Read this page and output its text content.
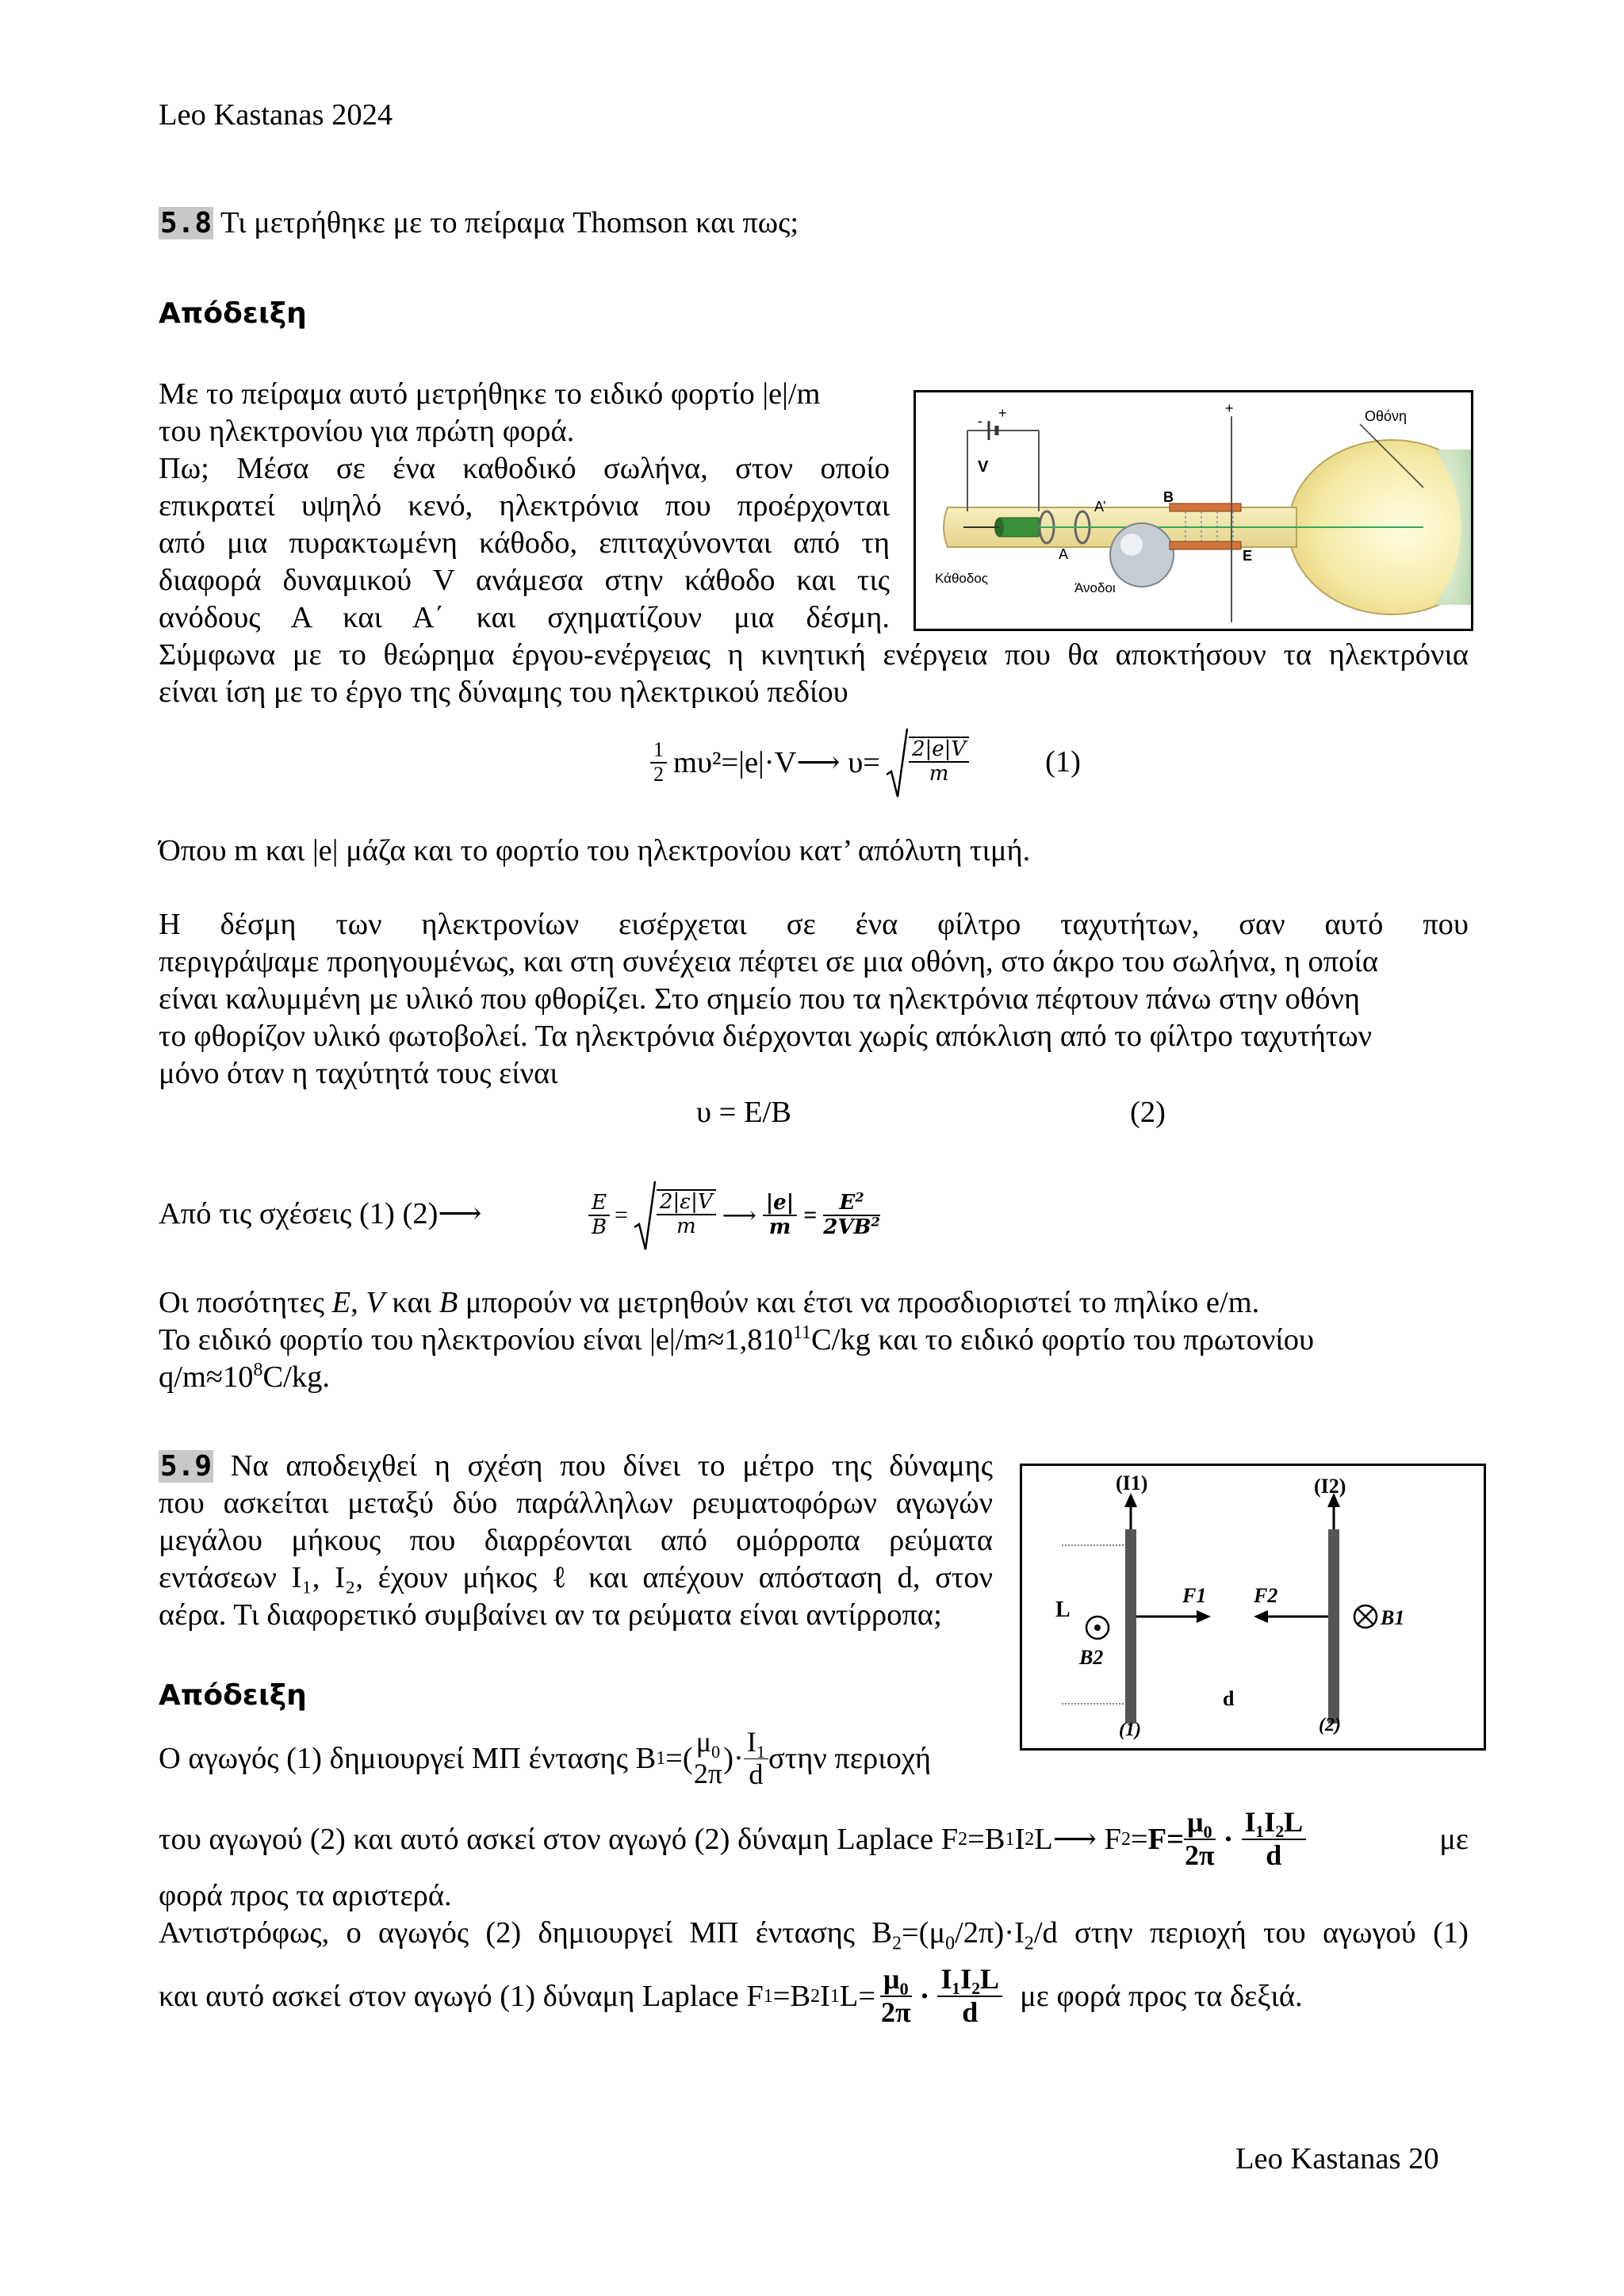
Leo Kastanas 2024
5.8 Τι μετρήθηκε με το πείραμα Thomson και πως;
Απόδειξη
Με το πείραμα αυτό μετρήθηκε το ειδικό φορτίο |e|/m
του ηλεκτρονίου για πρώτη φορά.
Πω; Μέσα σε ένα καθοδικό σωλήνα, στον οποίο
επικρατεί υψηλό κενό, ηλεκτρόνια που προέρχονται
από μια πυρακτωμένη κάθοδο, επιταχύνονται από τη
διαφορά δυναμικού V ανάμεσα στην κάθοδο και τις
ανόδους Α και Α΄ και σχηματίζουν μια δέσμη.
- +
V
A
A’
B
E
+	Οθόνη
Κάθοδος
Άνοδοι
Σύμφωνα με το θεώρημα έργου-ενέργειας η κινητική ενέργεια που θα αποκτήσουν τα ηλεκτρόνια
είναι ίση με το έργο της δύναμης του ηλεκτρικού πεδίου
$\frac{1}{2}$ mυ²=|e|·V⟶ $\upsilon= \frac{2|e|V}{m} (1)$
Όπου m και |e| μάζα και το φορτίο του ηλεκτρονίου κατ’ απόλυτη τιμή.
Η δέσμη των ηλεκτρονίων εισέρχεται σε ένα φίλτρο ταχυτήτων, σαν αυτό που
περιγράψαμε προηγουμένως, και στη συνέχεια πέφτει σε μια οθόνη, στο άκρο του σωλήνα, η οποία
είναι καλυμμένη με υλικό που φθορίζει. Στο σημείο που τα ηλεκτρόνια πέφτουν πάνω στην οθόνη
το φθορίζον υλικό φωτοβολεί. Τα ηλεκτρόνια διέρχονται χωρίς απόκλιση από το φίλτρο ταχυτήτων
μόνο όταν η ταχύτητά τους είναι
υ = E/B	(2)
Από τις σχέσεις (1) (2)⟶	$\frac{E}{B} = \frac{2|\varepsilon|V}{m}$ ⟶ $\frac{|e|}{m} = \frac{E^2}{2VB^2}$
Οι ποσότητες E, V και B μπορούν να μετρηθούν και έτσι να προσδιοριστεί το πηλίκο e/m.
Το ειδικό φορτίο του ηλεκτρονίου είναι $|e|/m\approx 1,810^{11}C/kg$ και το ειδικό φορτίο του πρωτονίου
$q/m\approx 10^8C/kg$.
5.9 Να αποδειχθεί η σχέση που δίνει το μέτρο της δύναμης
που ασκείται μεταξύ δύο παράλληλων ρευματοφόρων αγωγών
μεγάλου μήκους που διαρρέονται από ομόρροπα ρεύματα
εντάσεων I₁, I₂, έχουν μήκος ℓ και απέχουν απόσταση d, στον
αέρα. Τι διαφορετικό συμβαίνει αν τα ρεύματα είναι αντίρροπα;
(I1)	(I2)
L
B2
F1 F2
B1
d
(1)	(2)
Απόδειξη
Ο αγωγός (1) δημιουργεί ΜΠ έντασης B 1 =( $\mu_0$
2π )· $\frac{I_1}{d}$ στην περιοχή
του αγωγού (2) και αυτό ασκεί στον αγωγό (2) δύναμη Laplace F 2 =B 1 I 2 L⟶ F $2 = F= \frac{\mu_0}{2\pi} \cdot \frac{\text{I₁I₂L}}{d}$	με
φορά προς τα αριστερά.
Αντιστρόφως, ο αγωγός (2) δημιουργεί ΜΠ έντασης $B_2=(\mu_0/2\pi)\cdot I_2/d$ στην περιοχή του αγωγού (1)
και αυτό ασκεί στον αγωγό (1) δύναμη Laplace F 1 =B 2 I 1 $L= \frac{\mu_0}{2\pi} \cdot \frac{\text{I₁I₂L}}{d}$ με φορά προς τα δεξιά.
Leo Kastanas 20
